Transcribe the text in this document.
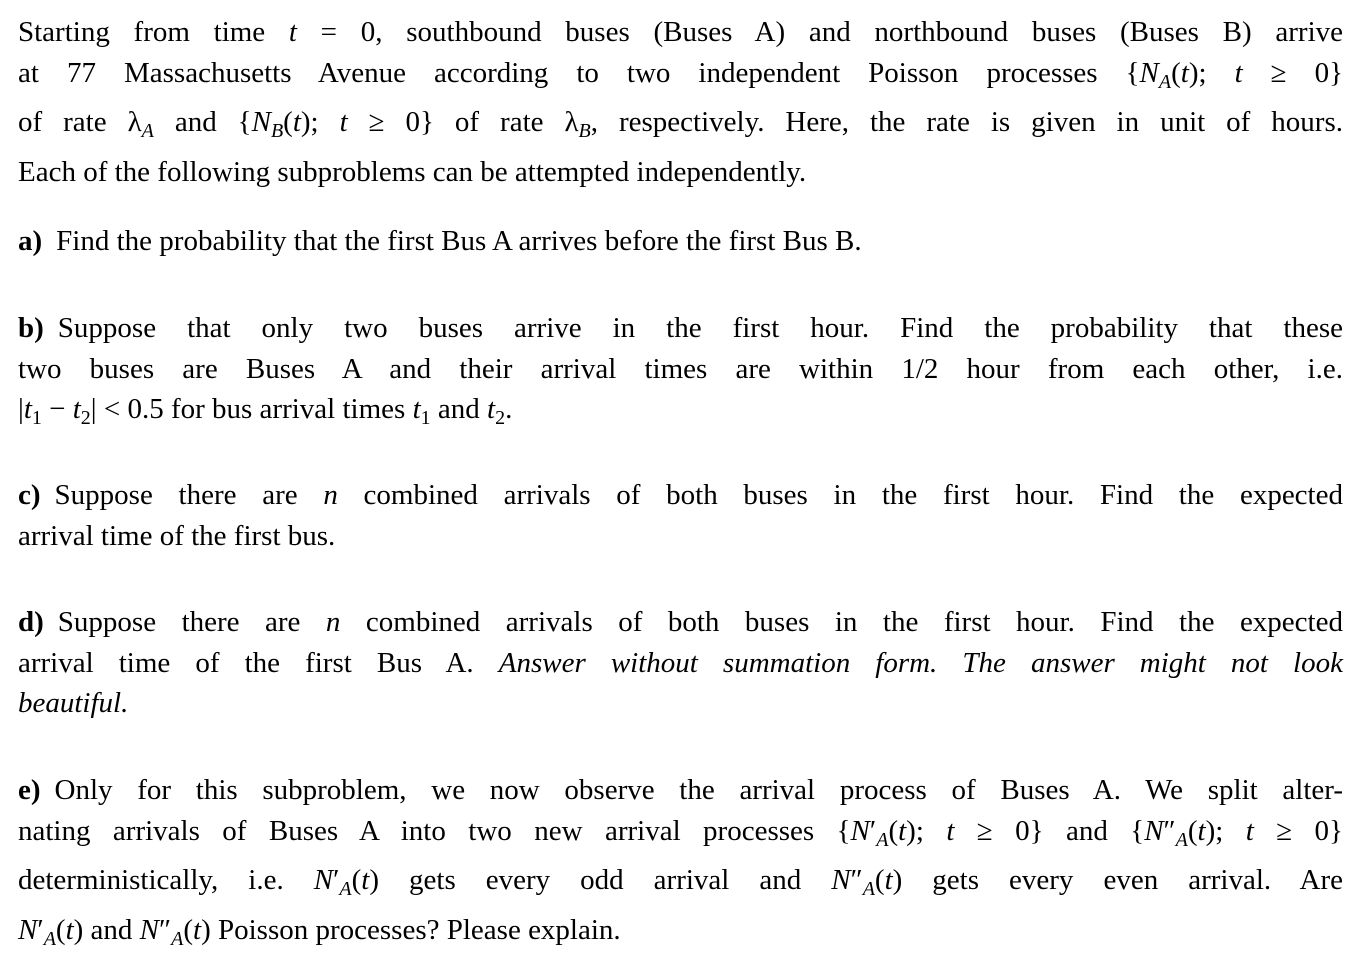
Starting from time t = 0, southbound buses (Buses A) and northbound buses (Buses B) arrive
at 77 Massachusetts Avenue according to two independent Poisson processes {$N_A(t)$; t ≥ 0}
of rate $\lambda_A$ and {$N_B(t)$; t ≥ 0} of rate $\lambda_B$, respectively. Here, the rate is given in unit of hours.
Each of the following subproblems can be attempted independently.
a) Find the probability that the first Bus A arrives before the first Bus B.
b) Suppose that only two buses arrive in the first hour. Find the probability that these
two buses are Buses A and their arrival times are within 1/2 hour from each other, i.e.
$|t_1 - t_2| < 0.5$ for bus arrival times $t_1$ and $t_2$.
c) Suppose there are n combined arrivals of both buses in the first hour. Find the expected
arrival time of the first bus.
d) Suppose there are n combined arrivals of both buses in the first hour. Find the expected
arrival time of the first Bus A. Answer without summation form. The answer might not look
beautiful.
e) Only for this subproblem, we now observe the arrival process of Buses A. We split alter-
nating arrivals of Buses A into two new arrival processes {$N'_A(t)$; t ≥ 0} and {$N''_A(t)$; t ≥ 0}
deterministically, i.e. $N'_A(t)$ gets every odd arrival and $N''_A(t)$ gets every even arrival. Are
$N'_A(t)$ and $N''_A(t)$ Poisson processes? Please explain.
